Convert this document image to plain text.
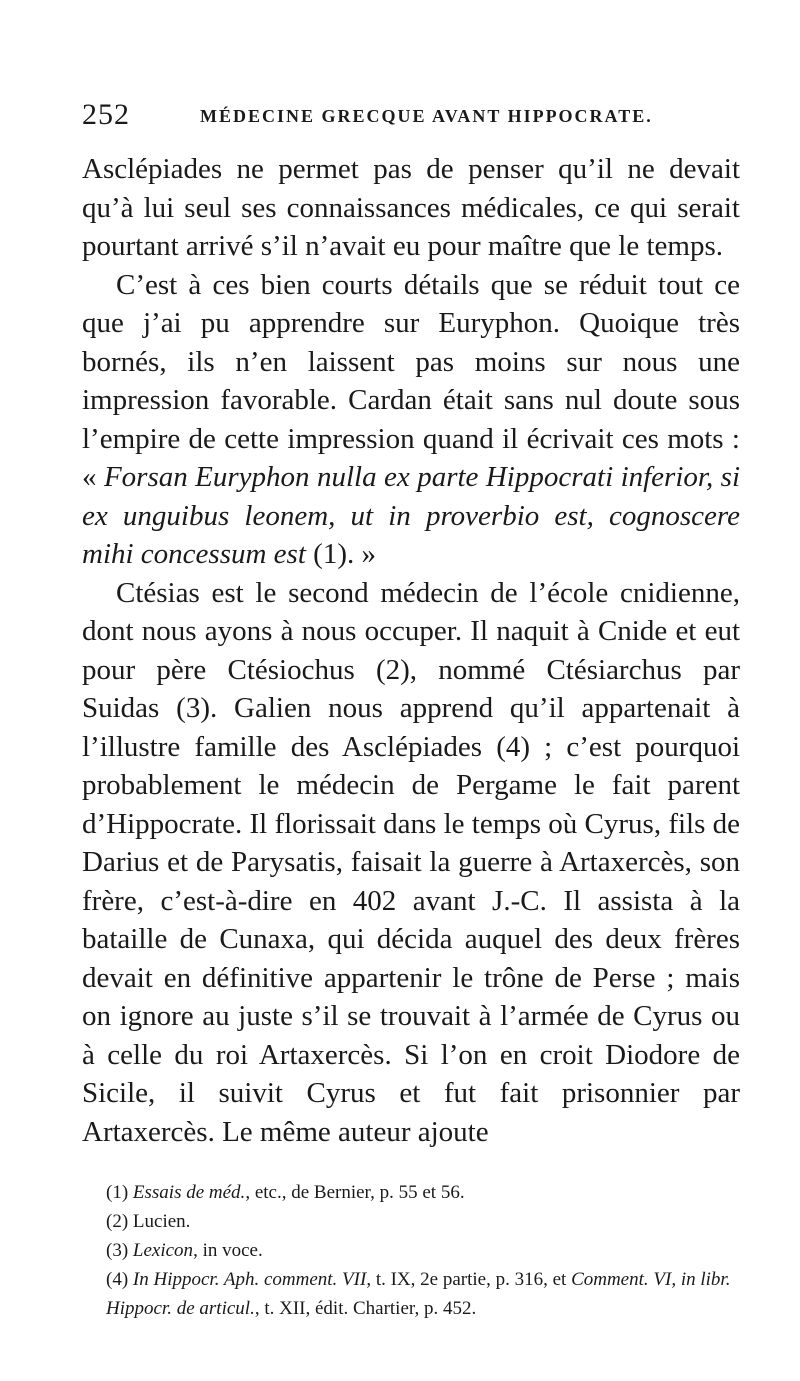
252	MÉDECINE GRECQUE AVANT HIPPOCRATE.

Asclépiades ne permet pas de penser qu’il ne devait qu’à lui seul ses connaissances médicales, ce qui serait pourtant arrivé s’il n’avait eu pour maître que le temps.

C’est à ces bien courts détails que se réduit tout ce que j’ai pu apprendre sur Euryphon. Quoique très bornés, ils n’en laissent pas moins sur nous une impression favorable. Cardan était sans nul doute sous l’empire de cette impression quand il écrivait ces mots : « Forsan Euryphon nulla ex parte Hippocrati inferior, si ex unguibus leonem, ut in proverbio est, cognoscere mihi concessum est (1). »

Ctésias est le second médecin de l’école cnidienne, dont nous ayons à nous occuper. Il naquit à Cnide et eut pour père Ctésiochus (2), nommé Ctésiarchus par Suidas (3). Galien nous apprend qu’il appartenait à l’illustre famille des Asclépiades (4) ; c’est pourquoi probablement le médecin de Pergame le fait parent d’Hippocrate. Il florissait dans le temps où Cyrus, fils de Darius et de Parysatis, faisait la guerre à Artaxercès, son frère, c’est-à-dire en 402 avant J.-C. Il assista à la bataille de Cunaxa, qui décida auquel des deux frères devait en définitive appartenir le trône de Perse ; mais on ignore au juste s’il se trouvait à l’armée de Cyrus ou à celle du roi Artaxercès. Si l’on en croit Diodore de Sicile, il suivit Cyrus et fut fait prisonnier par Artaxercès. Le même auteur ajoute

(1) Essais de méd., etc., de Bernier, p. 55 et 56.

(2) Lucien.

(3) Lexicon, in voce.

(4) In Hippocr. Aph. comment. VII, t. IX, 2e partie, p. 316, et Comment. VI, in libr. Hippocr. de articul., t. XII, édit. Chartier, p. 452.
